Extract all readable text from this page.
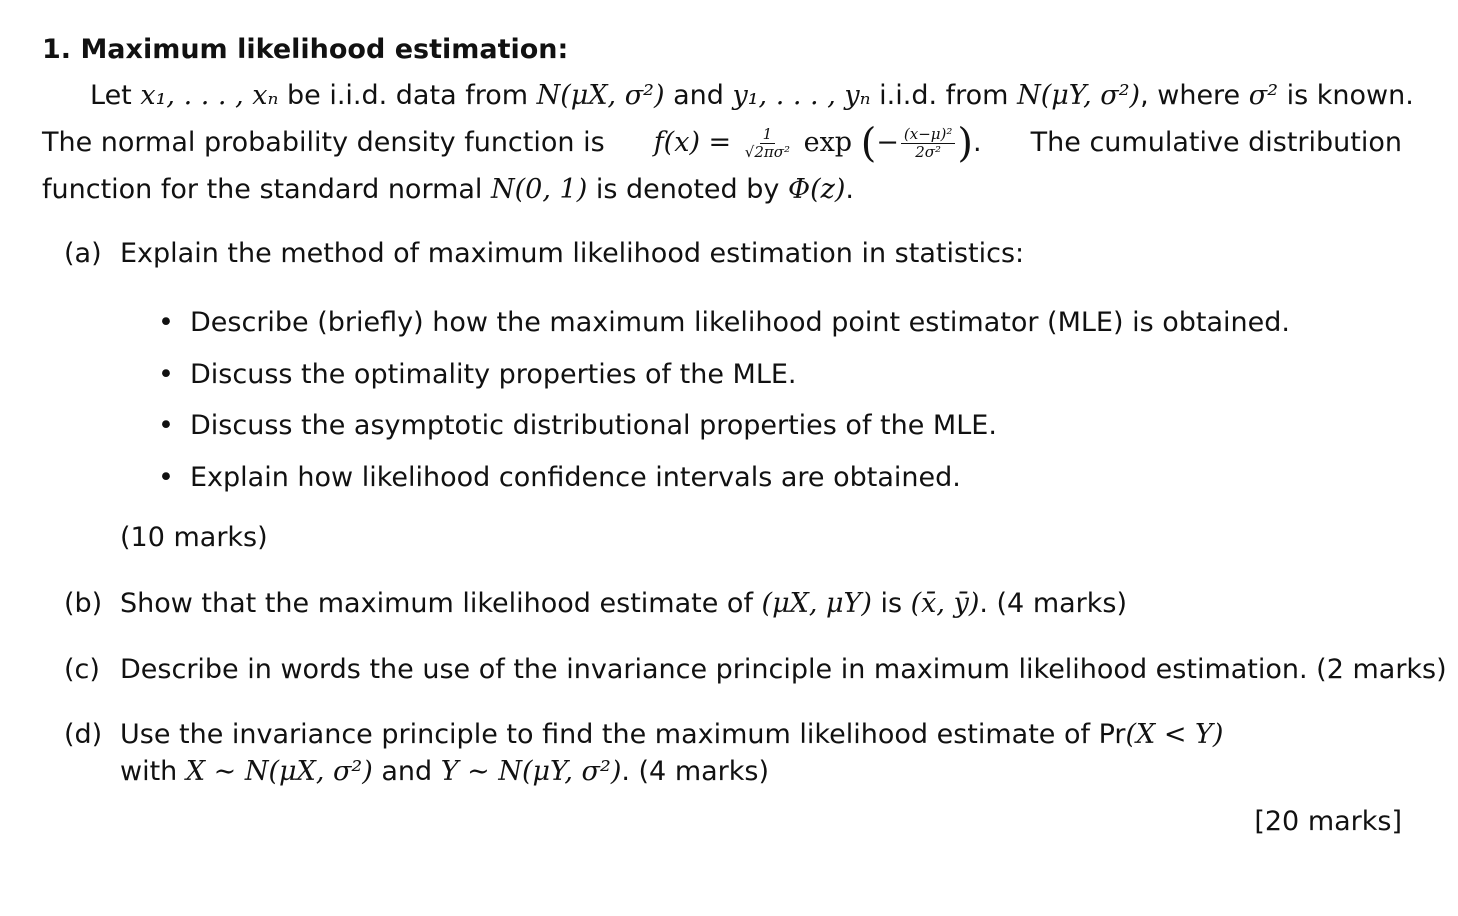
1. Maximum likelihood estimation:
Let x₁, . . . , xₙ be i.i.d. data from N(μX, σ²) and y₁, . . . , yₙ i.i.d. from N(μY, σ²), where σ² is known.
The normal probability density function is $f(x) = \frac{1}{\text{√2πσ²}}$ exp (− $\frac{\text{(x−μ)²}}{\text{2σ²}}$ ). The cumulative distribution
function for the standard normal N(0, 1) is denoted by Φ(z).
(a) Explain the method of maximum likelihood estimation in statistics:
• Describe (briefly) how the maximum likelihood point estimator (MLE) is obtained.
• Discuss the optimality properties of the MLE.
• Discuss the asymptotic distributional properties of the MLE.
• Explain how likelihood confidence intervals are obtained.
(10 marks)
(b) Show that the maximum likelihood estimate of (μX, μY) is (x̄, ȳ). (4 marks)
(c) Describe in words the use of the invariance principle in maximum likelihood estimation. (2 marks)
(d) Use the invariance principle to find the maximum likelihood estimate of Pr(X < Y)
with X ∼ N(μX, σ²) and Y ∼ N(μY, σ²). (4 marks)
[20 marks]
